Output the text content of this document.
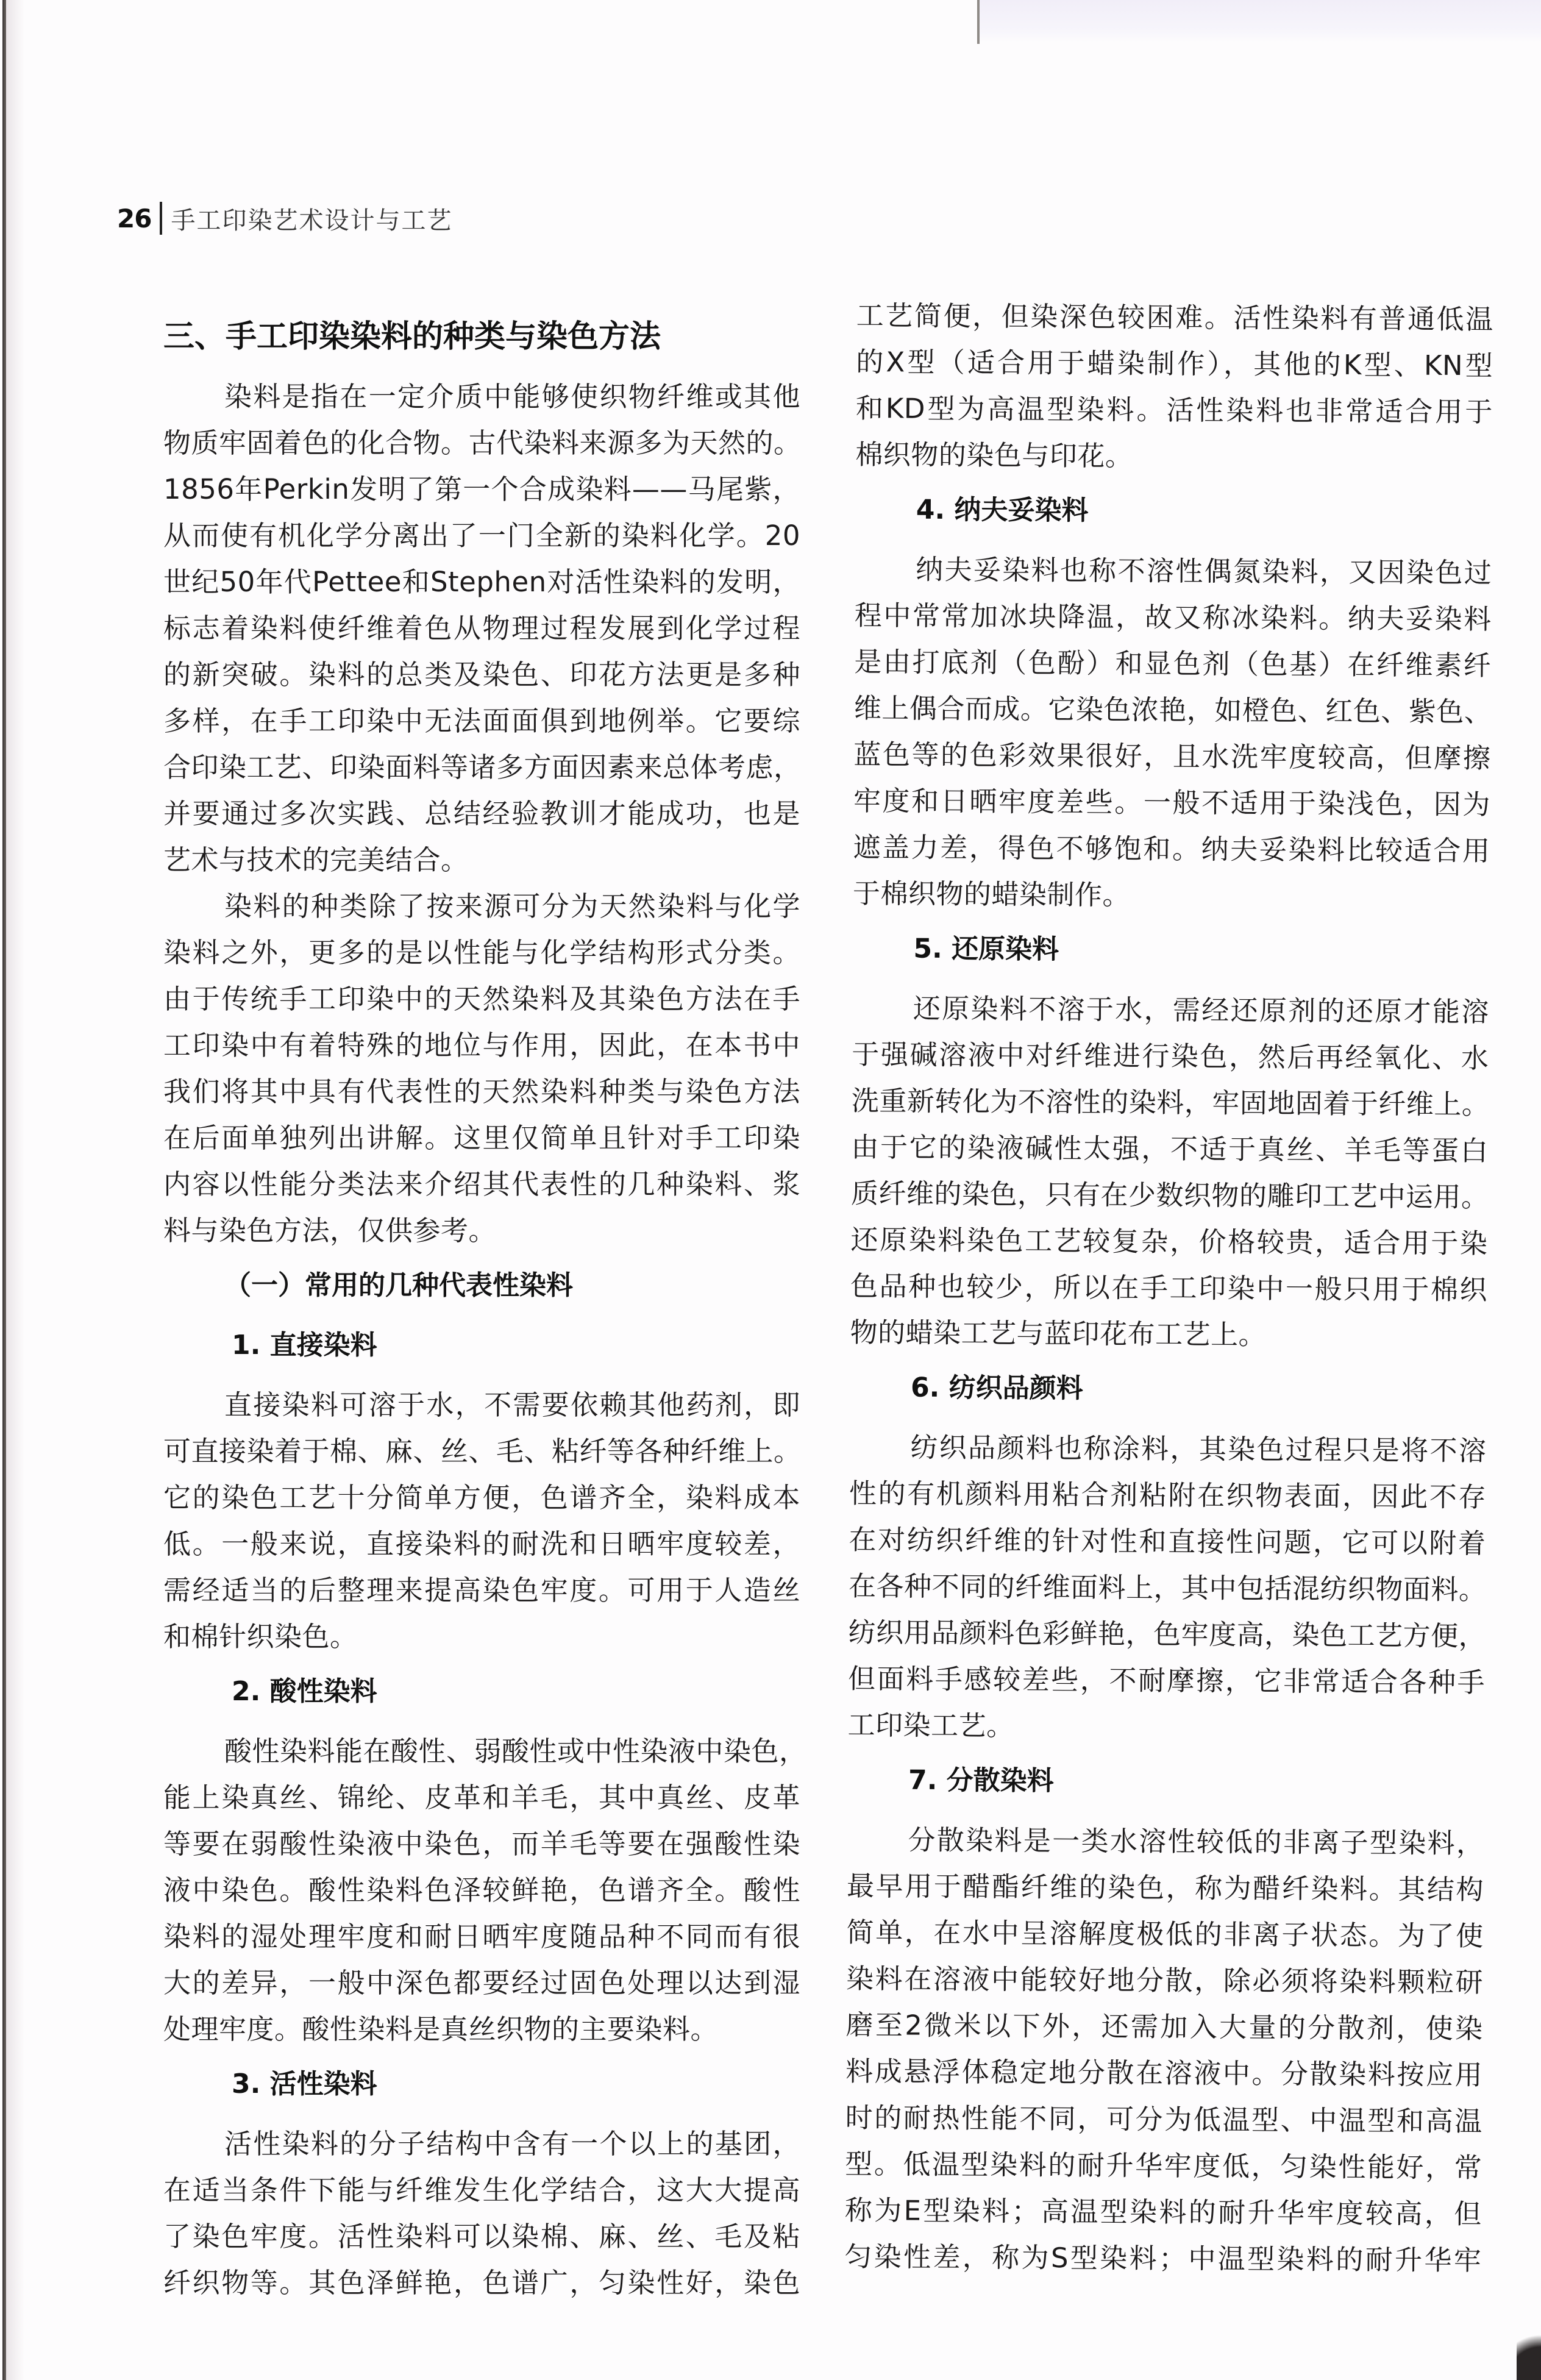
26 手工印染艺术设计与工艺
三、手工印染染料的种类与染色方法
染料是指在一定介质中能够使织物纤维或其他
物质牢固着色的化合物。古代染料来源多为天然的。
1856年Perkin发明了第一个合成染料——马尾紫，
从而使有机化学分离出了一门全新的染料化学。20
世纪50年代Pettee和Stephen对活性染料的发明，
标志着染料使纤维着色从物理过程发展到化学过程
的新突破。染料的总类及染色、印花方法更是多种
多样，在手工印染中无法面面俱到地例举。它要综
合印染工艺、印染面料等诸多方面因素来总体考虑，
并要通过多次实践、总结经验教训才能成功，也是
艺术与技术的完美结合。
染料的种类除了按来源可分为天然染料与化学
染料之外，更多的是以性能与化学结构形式分类。
由于传统手工印染中的天然染料及其染色方法在手
工印染中有着特殊的地位与作用，因此，在本书中
我们将其中具有代表性的天然染料种类与染色方法
在后面单独列出讲解。这里仅简单且针对手工印染
内容以性能分类法来介绍其代表性的几种染料、浆
料与染色方法，仅供参考。
（一）常用的几种代表性染料
1. 直接染料
直接染料可溶于水，不需要依赖其他药剂，即
可直接染着于棉、麻、丝、毛、粘纤等各种纤维上。
它的染色工艺十分简单方便，色谱齐全，染料成本
低。一般来说，直接染料的耐洗和日晒牢度较差，
需经适当的后整理来提高染色牢度。可用于人造丝
和棉针织染色。
2. 酸性染料
酸性染料能在酸性、弱酸性或中性染液中染色，
能上染真丝、锦纶、皮革和羊毛，其中真丝、皮革
等要在弱酸性染液中染色，而羊毛等要在强酸性染
液中染色。酸性染料色泽较鲜艳，色谱齐全。酸性
染料的湿处理牢度和耐日晒牢度随品种不同而有很
大的差异，一般中深色都要经过固色处理以达到湿
处理牢度。酸性染料是真丝织物的主要染料。
3. 活性染料
活性染料的分子结构中含有一个以上的基团，
在适当条件下能与纤维发生化学结合，这大大提高
了染色牢度。活性染料可以染棉、麻、丝、毛及粘
纤织物等。其色泽鲜艳，色谱广，匀染性好，染色
工艺简便，但染深色较困难。活性染料有普通低温
的X型（适合用于蜡染制作），其他的K型、KN型
和KD型为高温型染料。活性染料也非常适合用于
棉织物的染色与印花。
4. 纳夫妥染料
纳夫妥染料也称不溶性偶氮染料，又因染色过
程中常常加冰块降温，故又称冰染料。纳夫妥染料
是由打底剂（色酚）和显色剂（色基）在纤维素纤
维上偶合而成。它染色浓艳，如橙色、红色、紫色、
蓝色等的色彩效果很好，且水洗牢度较高，但摩擦
牢度和日晒牢度差些。一般不适用于染浅色，因为
遮盖力差，得色不够饱和。纳夫妥染料比较适合用
于棉织物的蜡染制作。
5. 还原染料
还原染料不溶于水，需经还原剂的还原才能溶
于强碱溶液中对纤维进行染色，然后再经氧化、水
洗重新转化为不溶性的染料，牢固地固着于纤维上。
由于它的染液碱性太强，不适于真丝、羊毛等蛋白
质纤维的染色，只有在少数织物的雕印工艺中运用。
还原染料染色工艺较复杂，价格较贵，适合用于染
色品种也较少，所以在手工印染中一般只用于棉织
物的蜡染工艺与蓝印花布工艺上。
6. 纺织品颜料
纺织品颜料也称涂料，其染色过程只是将不溶
性的有机颜料用粘合剂粘附在织物表面，因此不存
在对纺织纤维的针对性和直接性问题，它可以附着
在各种不同的纤维面料上，其中包括混纺织物面料。
纺织用品颜料色彩鲜艳，色牢度高，染色工艺方便，
但面料手感较差些，不耐摩擦，它非常适合各种手
工印染工艺。
7. 分散染料
分散染料是一类水溶性较低的非离子型染料，
最早用于醋酯纤维的染色，称为醋纤染料。其结构
简单，在水中呈溶解度极低的非离子状态。为了使
染料在溶液中能较好地分散，除必须将染料颗粒研
磨至2微米以下外，还需加入大量的分散剂，使染
料成悬浮体稳定地分散在溶液中。分散染料按应用
时的耐热性能不同，可分为低温型、中温型和高温
型。低温型染料的耐升华牢度低，匀染性能好，常
称为E型染料；高温型染料的耐升华牢度较高，但
匀染性差，称为S型染料；中温型染料的耐升华牢
